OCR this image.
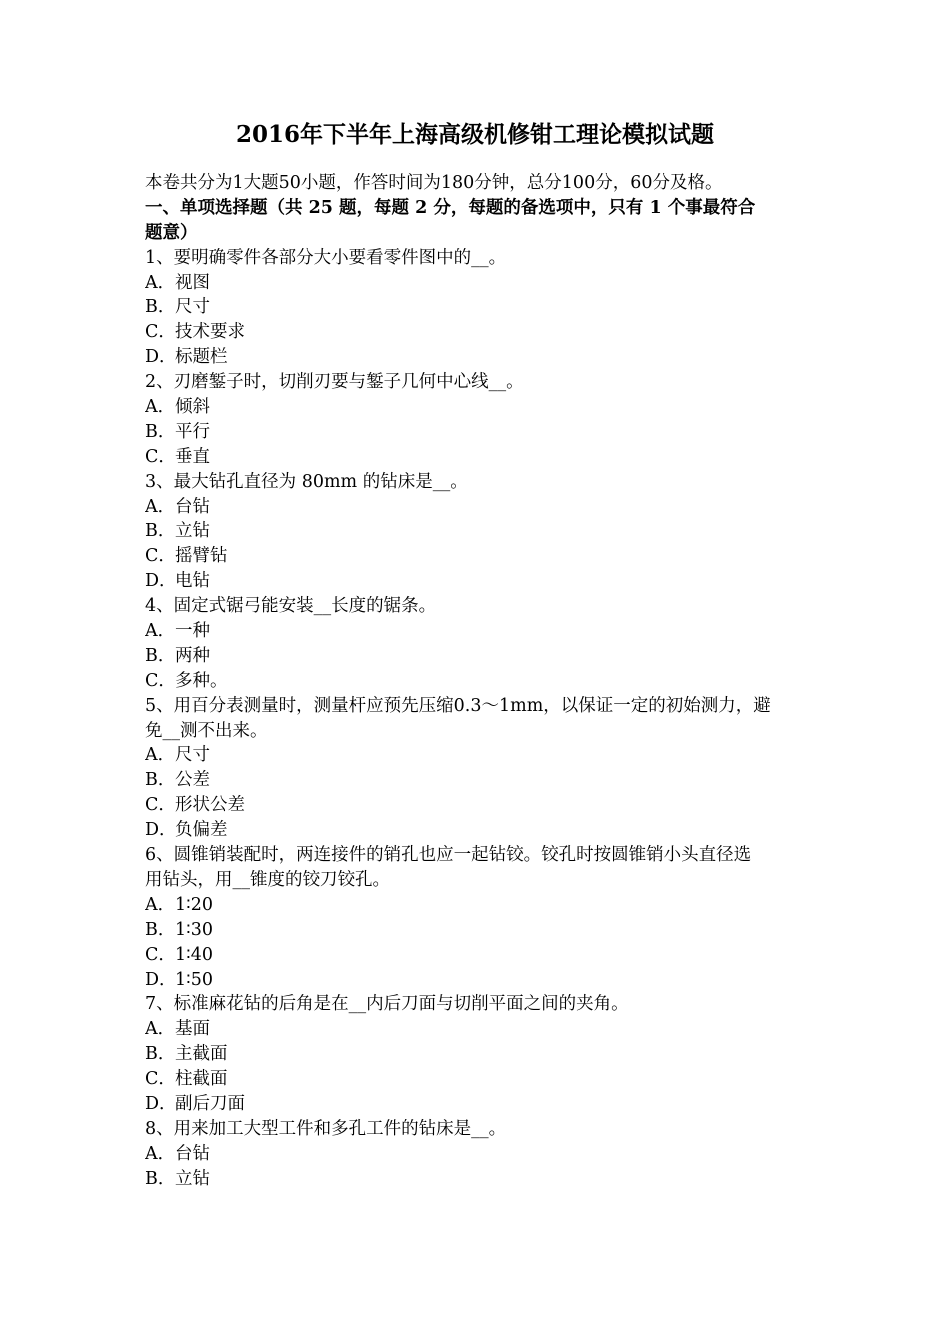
2016年下半年上海高级机修钳工理论模拟试题
本卷共分为1大题50小题，作答时间为180分钟，总分100分，60分及格。
一、单项选择题（共 25 题，每题 2 分，每题的备选项中，只有 1 个事最符合
题意）
1、要明确零件各部分大小要看零件图中的__。
A．视图
B．尺寸
C．技术要求
D．标题栏
2、刃磨錾子时，切削刃要与錾子几何中心线__。
A．倾斜
B．平行
C．垂直
3、最大钻孔直径为 80mm 的钻床是__。
A．台钻
B．立钻
C．摇臂钻
D．电钻
4、固定式锯弓能安装__长度的锯条。
A．一种
B．两种
C．多种。
5、用百分表测量时，测量杆应预先压缩0.3～1mm，以保证一定的初始测力，避
免__测不出来。
A．尺寸
B．公差
C．形状公差
D．负偏差
6、圆锥销装配时，两连接件的销孔也应一起钻铰。铰孔时按圆锥销小头直径选
用钻头，用__锥度的铰刀铰孔。
A．1∶20
B．1∶30
C．1∶40
D．1∶50
7、标准麻花钻的后角是在__内后刀面与切削平面之间的夹角。
A．基面
B．主截面
C．柱截面
D．副后刀面
8、用来加工大型工件和多孔工件的钻床是__。
A．台钻
B．立钻
